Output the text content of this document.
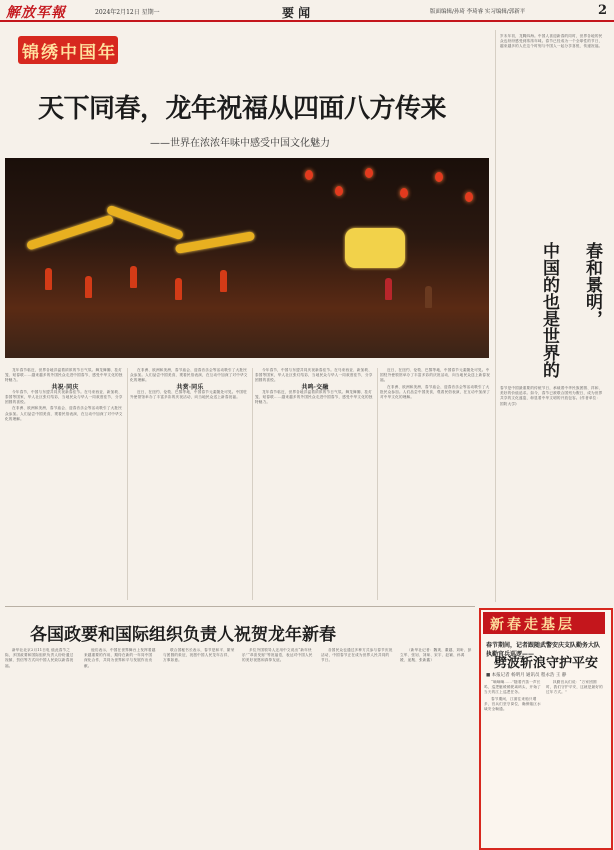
解放军報	2024年2月12日 星期一	要 闻	版面编辑/孙琦 李琦睿 实习编辑/郭新平	2
锦绣中国年
天下同春，龙年祝福从四面八方传来
——世界在浓浓年味中感受中国文化魅力

龙年春节临近，世界各地洋溢着浓浓的节日气氛。舞龙舞狮、挂灯笼、贴春联……越来越多的外国民众走进中国春节，感受中华文化的独特魅力。

共祝·同庆

今年春节，中国与东盟共同庆祝新春佳节。在马来西亚、新加坡、泰国等国家，华人社区张灯结彩，当地民众与华人一同欢度佳节，分享团圆的喜悦。

在非洲、欧洲和美洲，春节庙会、迎春音乐会等活动吸引了大批民众参加。人们品尝中国美食，观看民俗表演，在互动中加深了对中华文化的理解。

在非洲、欧洲和美洲，春节庙会、迎春音乐会等活动吸引了大批民众参加。人们品尝中国美食，观看民俗表演，在互动中加深了对中华文化的理解。

共赏·同乐

近日，在纽约、伦敦、巴黎等地，中国春节元素随处可见。中国驻外使领馆举办了丰富多彩的庆祝活动，向当地民众送上新春祝福。

今年春节，中国与东盟共同庆祝新春佳节。在马来西亚、新加坡、泰国等国家，华人社区张灯结彩，当地民众与华人一同欢度佳节，分享团圆的喜悦。

共鸣·交融

龙年春节临近，世界各地洋溢着浓浓的节日气氛。舞龙舞狮、挂灯笼、贴春联……越来越多的外国民众走进中国春节，感受中华文化的独特魅力。

近日，在纽约、伦敦、巴黎等地，中国春节元素随处可见。中国驻外使领馆举办了丰富多彩的庆祝活动，向当地民众送上新春祝福。

在非洲、欧洲和美洲，春节庙会、迎春音乐会等活动吸引了大批民众参加。人们品尝中国美食，观看民俗表演，在互动中加深了对中华文化的理解。

岁末年初，龙腾四海。中国人喜迎新春的同时，世界各地的民众也纷纷感受到浓浓年味。春节已经成为一个全球性的节日，越来越多的人在这个时刻与中国人一起分享喜悦、传递祝福。
春和景明，
中国的也是世界的
春节是中国最重要的传统节日，承载着中华民族团圆、祥和、美好的价值追求。如今，春节已被联合国列为假日，成为世界共享的文化盛宴，彰显着中华文明的开放包容。(作者单位：国防大学)
各国政要和国际组织负责人祝贺龙年新春

新华社北京2月11日电 值此春节之际，多国政要和国际组织负责人纷纷通过视频、贺信等方式向中国人民致以新春祝福。

他们表示，中国在世界舞台上发挥着越来越重要的作用，期待在新的一年同中国深化合作，共同为世界和平与发展作出贡献。

联合国秘书长表示，春节是和平、繁荣与团圆的象征，祝愿中国人民龙年吉祥，万事如意。

多位外国领导人还用中文说出“新年快乐”“恭喜发财”等祝福语，表达对中国人民的美好祝愿和真挚友谊。

各国民众也通过多种方式参与春节庆祝活动，中国春节正在成为世界人民共同的节日。

（新华社记者：魏爽、董越、刘昕、彭立军、张钊、刘琛、宋宇、赵颖、孙鸿媛、庞胤、张新鑫）

新春走基层
春节期间，记者跟随武警安庆支队勤务大队执勤官兵巡逻——
劈波斩浪守护平安
■ 本报记者 杨明月 通讯员 程永浩 王 静

“嘀嘀嘀……”随着汽笛一声长鸣，巡逻艇缓缓驶离码头，开始了当天的江上巡逻任务。

春节期间，江面往来船只增多，官兵们坚守岗位，确保辖区水域安全畅通。

执勤官兵们说：“万家团圆时，我们守护平安，这就是最好的过年方式。”
